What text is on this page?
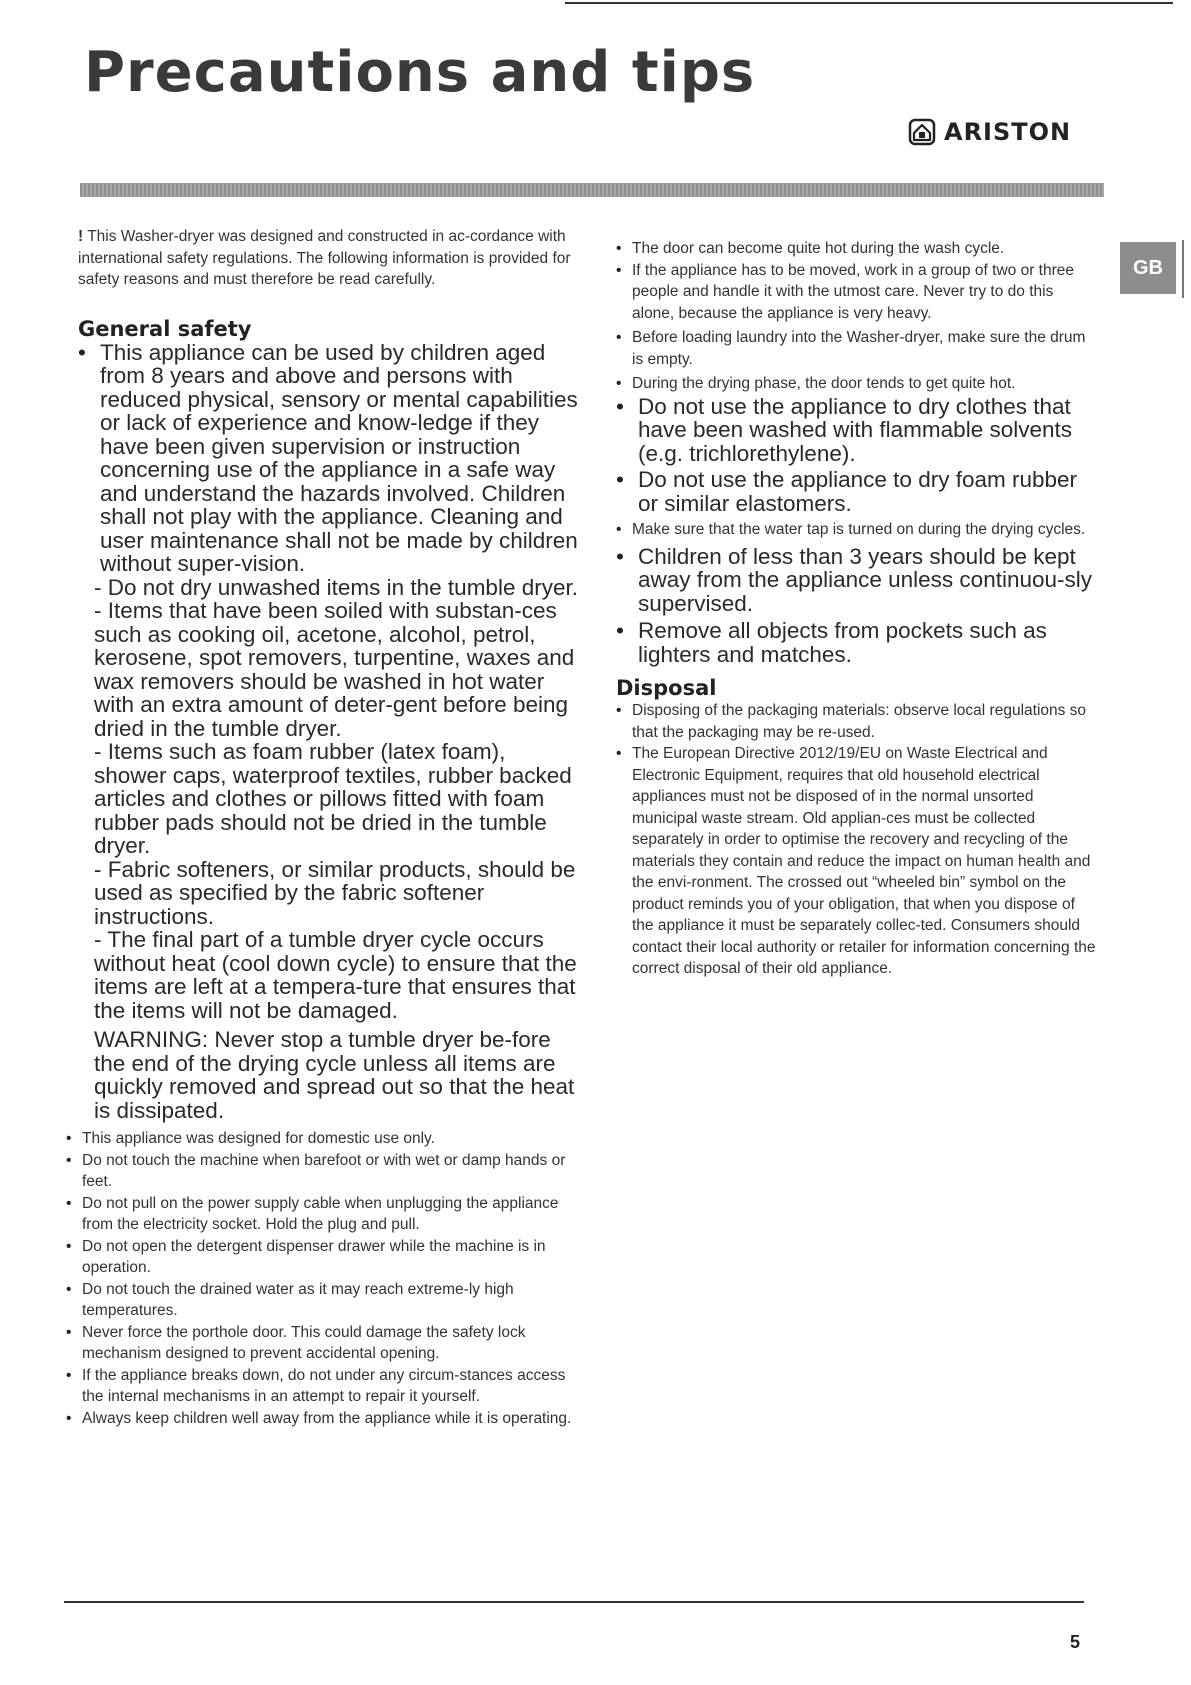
Precautions and tips
ARISTON
GB

! This Washer-dryer was designed and constructed in ac-cordance with international safety regulations. The following information is provided for safety reasons and must therefore be read carefully.

General safety

• This appliance can be used by children aged from 8 years and above and persons with reduced physical, sensory or mental capabilities or lack of experience and know-ledge if they have been given supervision or instruction concerning use of the appliance in a safe way and understand the hazards involved. Children shall not play with the appliance. Cleaning and user maintenance shall not be made by children without super-vision.

- Do not dry unwashed items in the tumble dryer.

- Items that have been soiled with substan-ces such as cooking oil, acetone, alcohol, petrol, kerosene, spot removers, turpentine, waxes and wax removers should be washed in hot water with an extra amount of deter-gent before being dried in the tumble dryer.

- Items such as foam rubber (latex foam), shower caps, waterproof textiles, rubber backed articles and clothes or pillows fitted with foam rubber pads should not be dried in the tumble dryer.

- Fabric softeners, or similar products, should be used as specified by the fabric softener instructions.

- The final part of a tumble dryer cycle occurs without heat (cool down cycle) to ensure that the items are left at a tempera-ture that ensures that the items will not be damaged.

WARNING: Never stop a tumble dryer be-fore the end of the drying cycle unless all items are quickly removed and spread out so that the heat is dissipated.

• This appliance was designed for domestic use only.

• Do not touch the machine when barefoot or with wet or damp hands or feet.

• Do not pull on the power supply cable when unplugging the appliance from the electricity socket. Hold the plug and pull.

• Do not open the detergent dispenser drawer while the machine is in operation.

• Do not touch the drained water as it may reach extreme-ly high temperatures.

• Never force the porthole door. This could damage the safety lock mechanism designed to prevent accidental opening.

• If the appliance breaks down, do not under any circum-stances access the internal mechanisms in an attempt to repair it yourself.

• Always keep children well away from the appliance while it is operating.

• The door can become quite hot during the wash cycle.

• If the appliance has to be moved, work in a group of two or three people and handle it with the utmost care. Never try to do this alone, because the appliance is very heavy.

• Before loading laundry into the Washer-dryer, make sure the drum is empty.

• During the drying phase, the door tends to get quite hot.

• Do not use the appliance to dry clothes that have been washed with flammable solvents (e.g. trichlorethylene).

• Do not use the appliance to dry foam rubber or similar elastomers.

• Make sure that the water tap is turned on during the drying cycles.

• Children of less than 3 years should be kept away from the appliance unless continuou-sly supervised.

• Remove all objects from pockets such as lighters and matches.

Disposal

• Disposing of the packaging materials: observe local regulations so that the packaging may be re-used.

• The European Directive 2012/19/EU on Waste Electrical and Electronic Equipment, requires that old household electrical appliances must not be disposed of in the normal unsorted municipal waste stream. Old applian-ces must be collected separately in order to optimise the recovery and recycling of the materials they contain and reduce the impact on human health and the envi-ronment. The crossed out “wheeled bin” symbol on the product reminds you of your obligation, that when you dispose of the appliance it must be separately collec-ted. Consumers should contact their local authority or retailer for information concerning the correct disposal of their old appliance.

5
